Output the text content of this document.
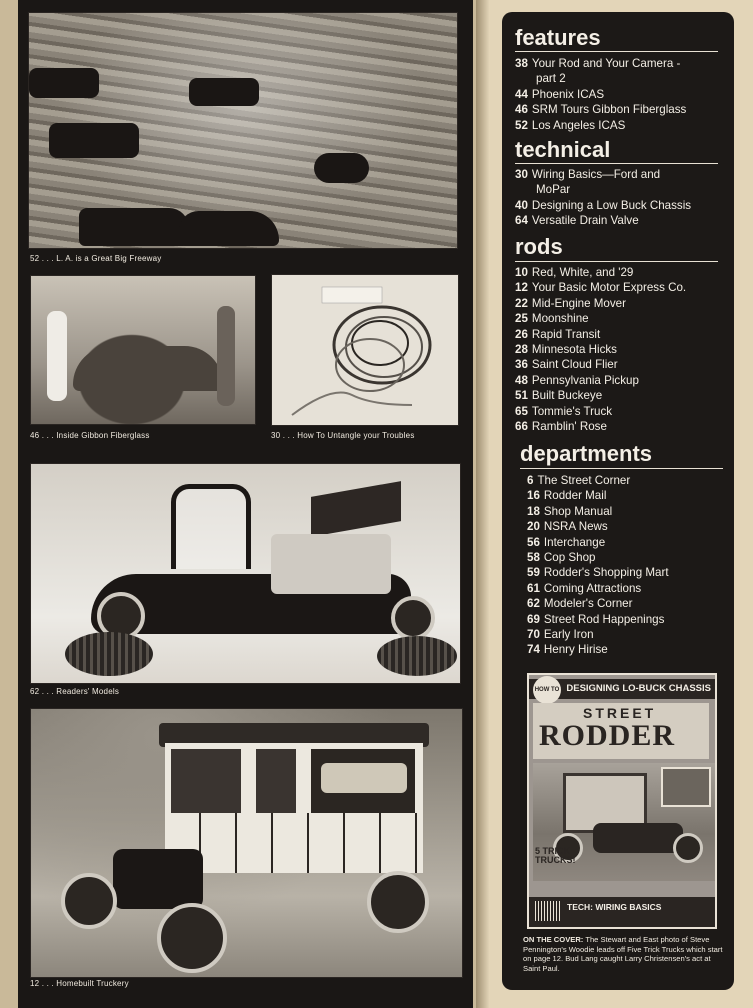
52 . . . L. A. is a Great Big Freeway
46 . . . Inside Gibbon Fiberglass	30 . . . How To Untangle your Troubles
62 . . . Readers' Models
12 . . . Homebuilt Truckery
features
38 Your Rod and Your Camera -
part 2
44 Phoenix ICAS
46 SRM Tours Gibbon Fiberglass
52 Los Angeles ICAS
technical
30 Wiring Basics—Ford and
MoPar
40 Designing a Low Buck Chassis
64 Versatile Drain Valve
rods
10 Red, White, and '29
12 Your Basic Motor Express Co.
22 Mid-Engine Mover
25 Moonshine
26 Rapid Transit
28 Minnesota Hicks
36 Saint Cloud Flier
48 Pennsylvania Pickup
51 Built Buckeye
65 Tommie's Truck
66 Ramblin' Rose
departments
6 The Street Corner
16 Rodder Mail
18 Shop Manual
20 NSRA News
56 Interchange
58 Cop Shop
59 Rodder's Shopping Mart
61 Coming Attractions
62 Modeler's Corner
69 Street Rod Happenings
70 Early Iron
74 Henry Hirise
DESIGNING LO-BUCK CHASSIS
HOW TO
STREET
RODDER
5 TRICK
TRUCKS!
TECH: WIRING BASICS
ON THE COVER: The Stewart and East photo of Steve Pennington's Woodie leads off Five Trick Trucks which start on page 12. Bud Lang caught Larry Christensen's act at Saint Paul.
